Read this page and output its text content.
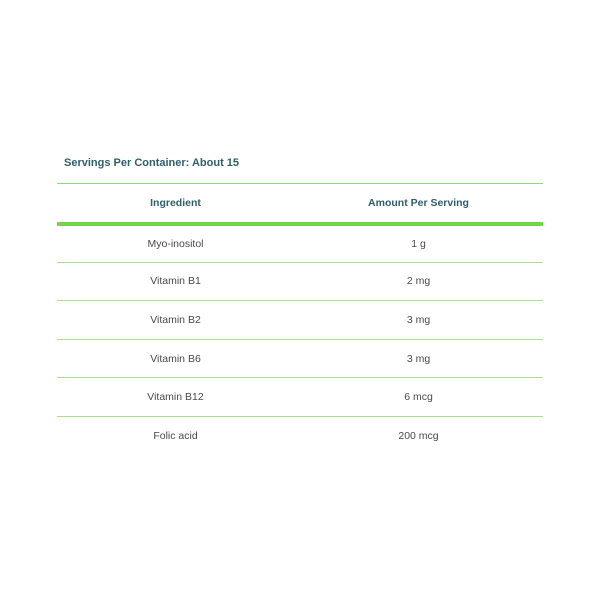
Servings Per Container: About 15

Ingredient	Amount Per Serving
Myo-inositol	1 g
Vitamin B1	2 mg
Vitamin B2	3 mg
Vitamin B6	3 mg
Vitamin B12	6 mcg
Folic acid	200 mcg
